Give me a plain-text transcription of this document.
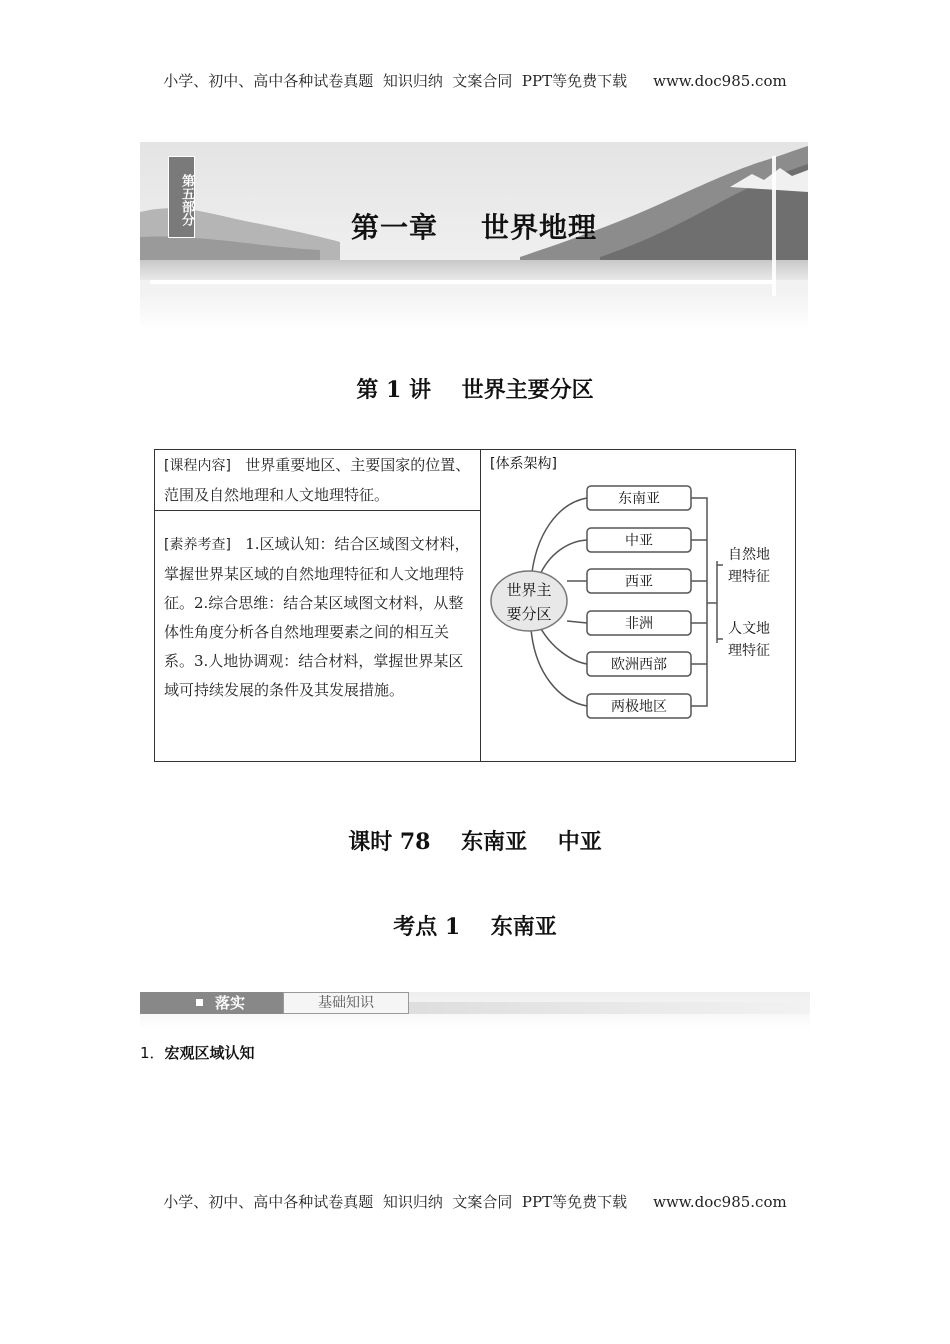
小学、初中、高中各种试卷真题  知识归纳  文案合同  PPT等免费下载 www.doc985.com
第五部分
第一章    世界地理
第 1 讲    世界主要分区
[课程内容] 世界重要地区、主要国家的位置、范围及自然地理和人文地理特征。
[素养考查] 1.区域认知：结合区域图文材料，掌握世界某区域的自然地理特征和人文地理特征。2.综合思维：结合某区域图文材料，从整体性角度分析各自然地理要素之间的相互关系。3.人地协调观：结合材料，掌握世界某区域可持续发展的条件及其发展措施。
[体系架构]
世界主
要分区
东南亚
中亚
西亚
非洲
欧洲西部
两极地区
自然地
理特征
人文地
理特征
课时 78    东南亚    中亚
考点 1    东南亚
落实	基础知识
1．宏观区域认知
小学、初中、高中各种试卷真题  知识归纳  文案合同  PPT等免费下载 www.doc985.com
